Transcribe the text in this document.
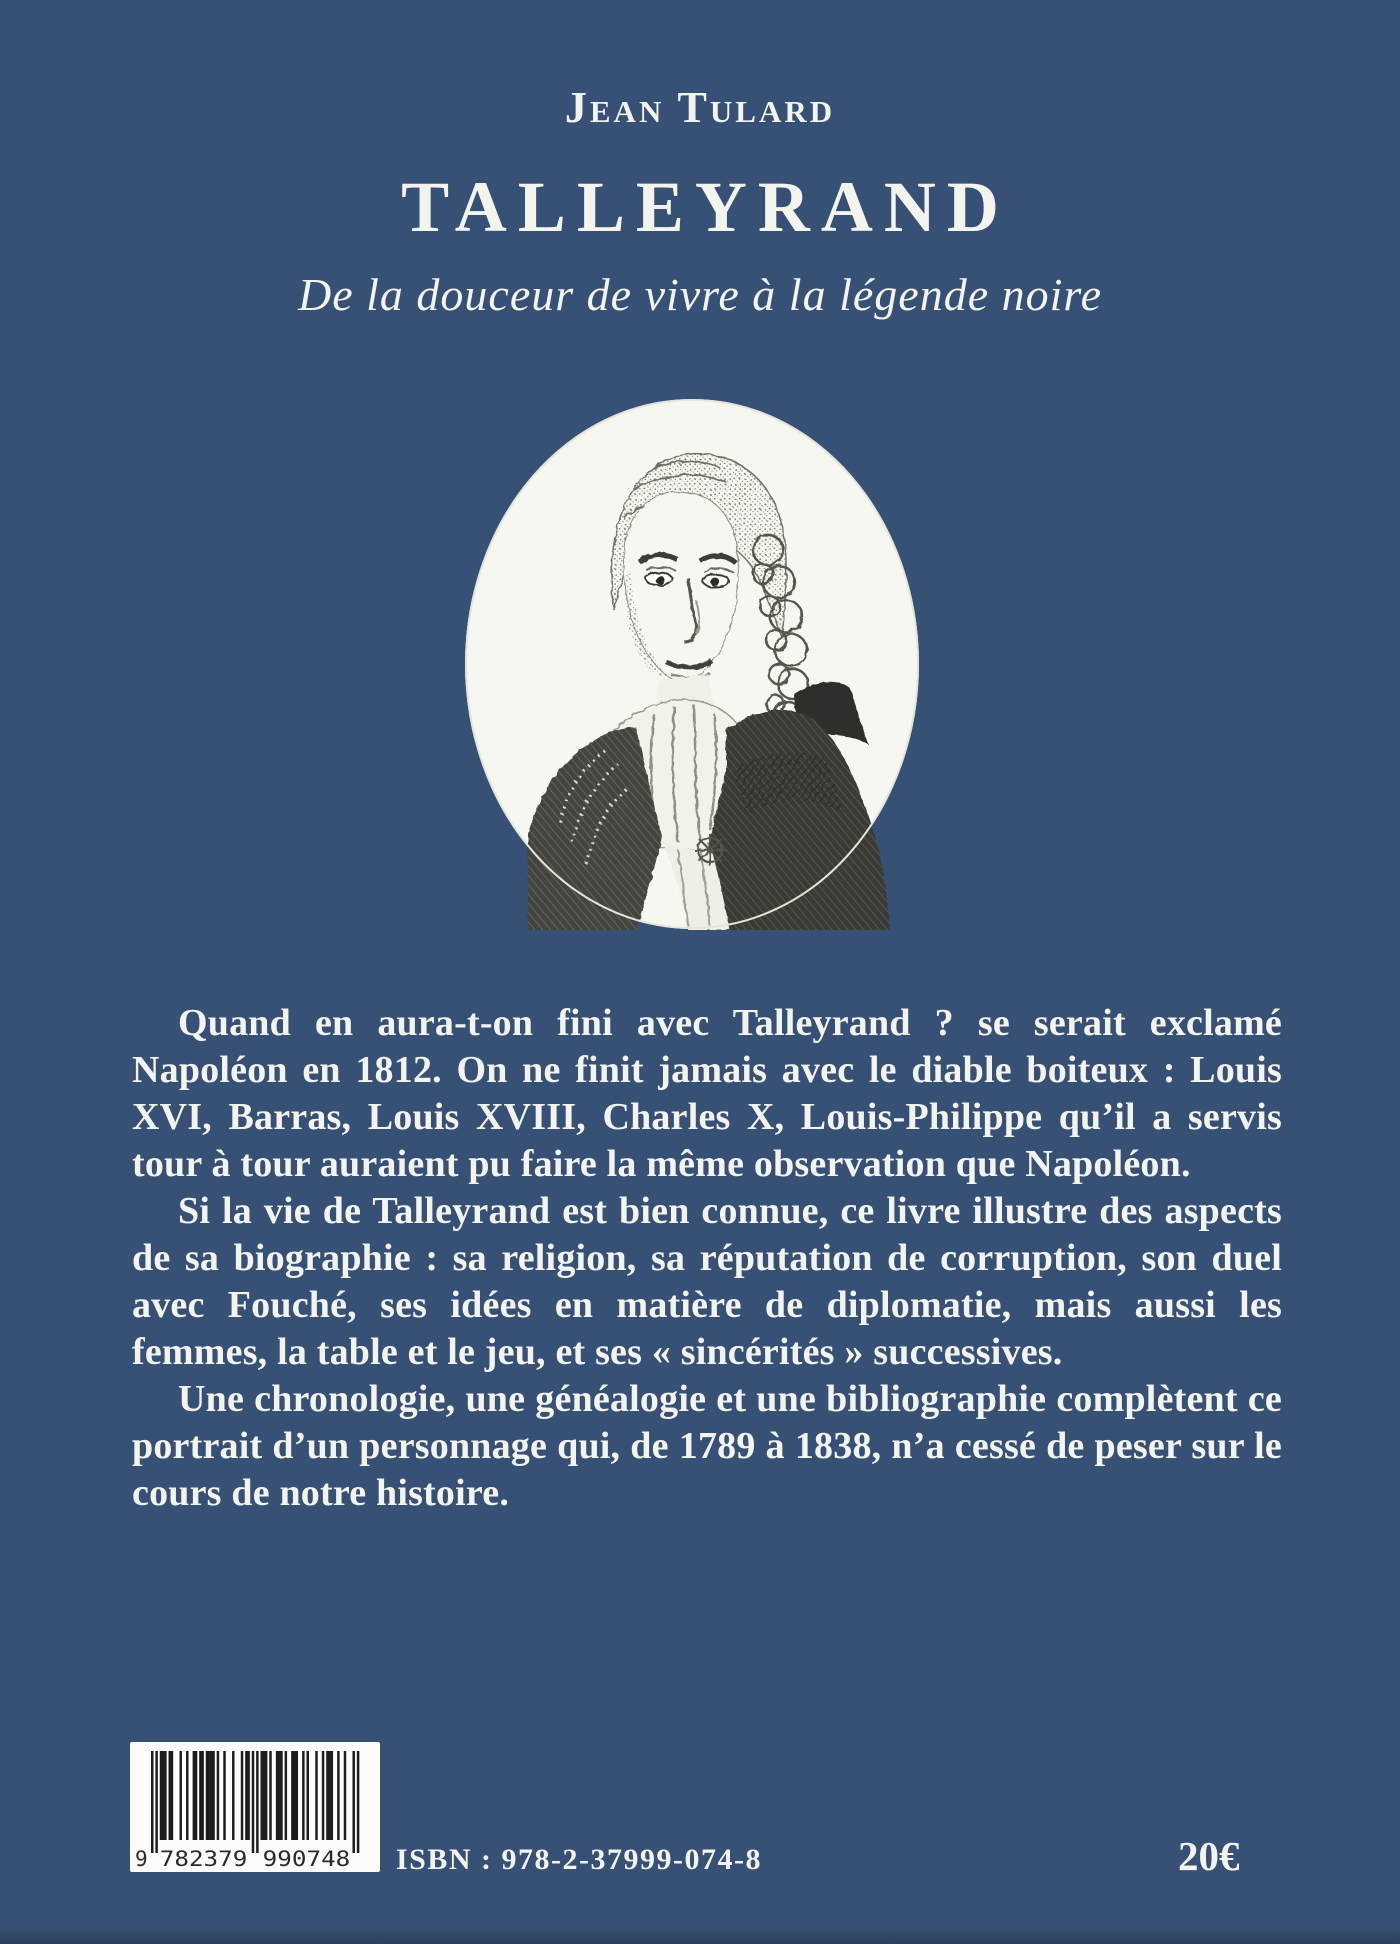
Jean Tulard
TALLEYRAND
De la douceur de vivre à la légende noire

Quand en aura-t-on fini avec Talleyrand ? se serait exclamé Napoléon en 1812. On ne finit jamais avec le diable boiteux : Louis XVI, Barras, Louis XVIII, Charles X, Louis-Philippe qu’il a servis tour à tour auraient pu faire la même observation que Napoléon.

Si la vie de Talleyrand est bien connue, ce livre illustre des aspects de sa biographie : sa religion, sa réputation de corruption, son duel avec Fouché, ses idées en matière de diplomatie, mais aussi les femmes, la table et le jeu, et ses « sincérités » successives.

Une chronologie, une généalogie et une bibliographie complètent ce portrait d’un personnage qui, de 1789 à 1838, n’a cessé de peser sur le cours de notre histoire.

9 782379 990748 ISBN : 978-2-37999-074-8	20€
